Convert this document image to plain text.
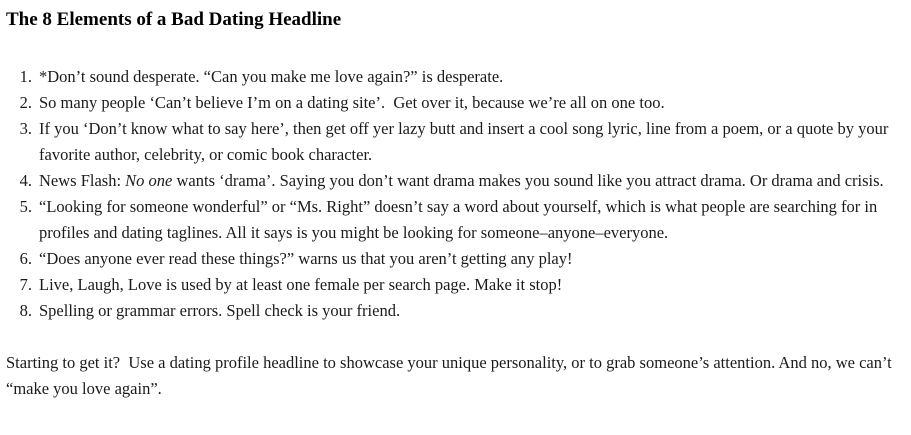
The 8 Elements of a Bad Dating Headline
1. *Don’t sound desperate. “Can you make me love again?” is desperate.
2. So many people ‘Can’t believe I’m on a dating site’.  Get over it, because we’re all on one too.
3. If you ‘Don’t know what to say here’, then get off yer lazy butt and insert a cool song lyric, line from a poem, or a quote by your favorite author, celebrity, or comic book character.
4. News Flash: No one wants ‘drama’. Saying you don’t want drama makes you sound like you attract drama. Or drama and crisis.
5. “Looking for someone wonderful” or “Ms. Right” doesn’t say a word about yourself, which is what people are searching for in profiles and dating taglines. All it says is you might be looking for someone–anyone–everyone.
6. “Does anyone ever read these things?” warns us that you aren’t getting any play!
7. Live, Laugh, Love is used by at least one female per search page. Make it stop!
8. Spelling or grammar errors. Spell check is your friend.

Starting to get it?  Use a dating profile headline to showcase your unique personality, or to grab someone’s attention. And no, we can’t “make you love again”.
